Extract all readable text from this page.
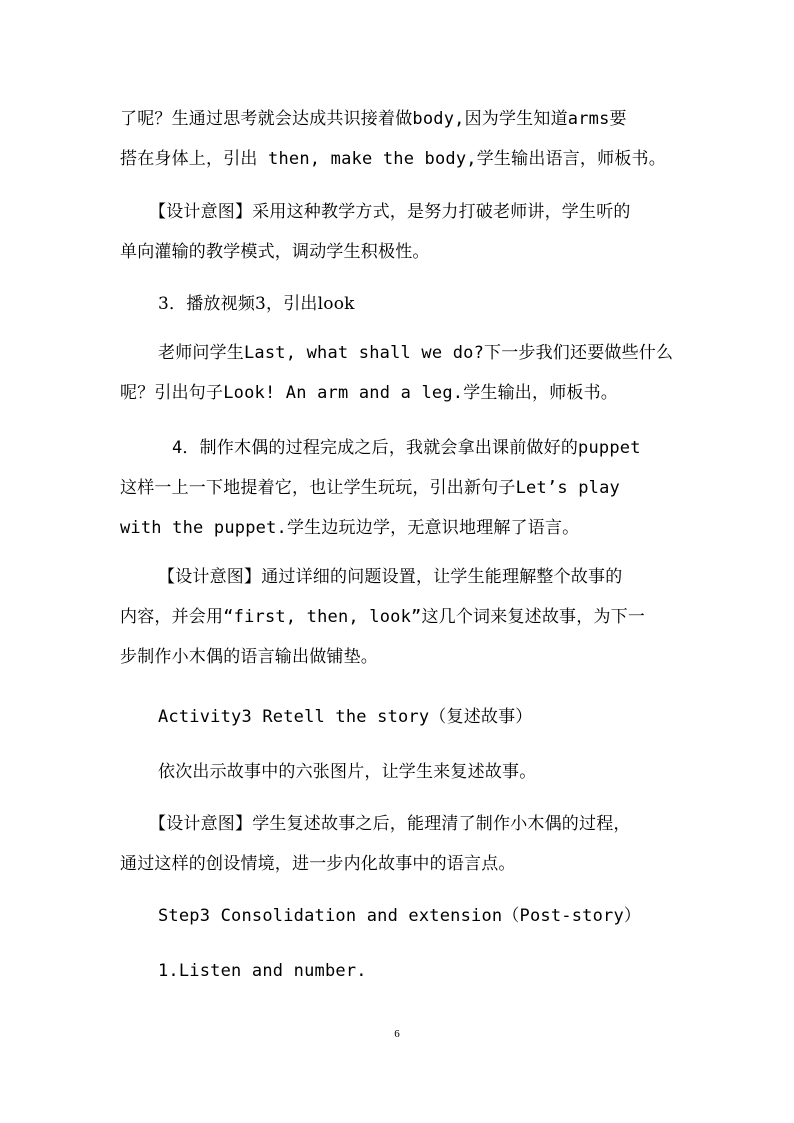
了呢？生通过思考就会达成共识接着做body,因为学生知道arms要
搭在身体上，引出 then, make the body,学生输出语言，师板书。
【设计意图】采用这种教学方式，是努力打破老师讲，学生听的
单向灌输的教学模式，调动学生积极性。
3．播放视频3，引出look
老师问学生Last, what shall we do?下一步我们还要做些什么
呢？引出句子Look! An arm and a leg.学生输出，师板书。
4．制作木偶的过程完成之后，我就会拿出课前做好的puppet
这样一上一下地提着它，也让学生玩玩，引出新句子Let’s play
with the puppet.学生边玩边学，无意识地理解了语言。
【设计意图】通过详细的问题设置，让学生能理解整个故事的
内容，并会用“first, then, look”这几个词来复述故事，为下一
步制作小木偶的语言输出做铺垫。
Activity3 Retell the story（复述故事）
依次出示故事中的六张图片，让学生来复述故事。
【设计意图】学生复述故事之后，能理清了制作小木偶的过程，
通过这样的创设情境，进一步内化故事中的语言点。
Step3 Consolidation and extension（Post-story）
1.Listen and number.
6
